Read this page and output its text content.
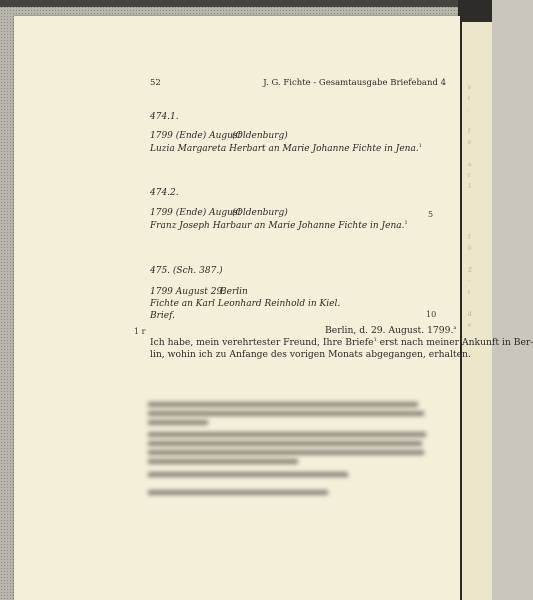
s
r
.

f
e

a
r
1
f
ö

Z
·
r

d
e
52	J. G. Fichte - Gesamtausgabe Briefeband 4
474.1.
1799 (Ende) August
(Oldenburg)
Luzia Margareta Herbart an Marie Johanne Fichte in Jena.$^1$
474.2.
1799 (Ende) August
(Oldenburg)
Franz Joseph Harbaur an Marie Johanne Fichte in Jena.$^1$
5
475. (Sch. 387.)
1799 August 29.
Berlin
Fichte an Karl Leonhard Reinhold in Kiel.
Brief.	10
1 r	Berlin, d. 29. August. 1799.$^a$
Ich habe, mein verehrtester Freund, Ihre Briefe$^1$ erst nach meiner Ankunft in Ber-
lin, wohin ich zu Anfange des vorigen Monats abgegangen, erhalten.
